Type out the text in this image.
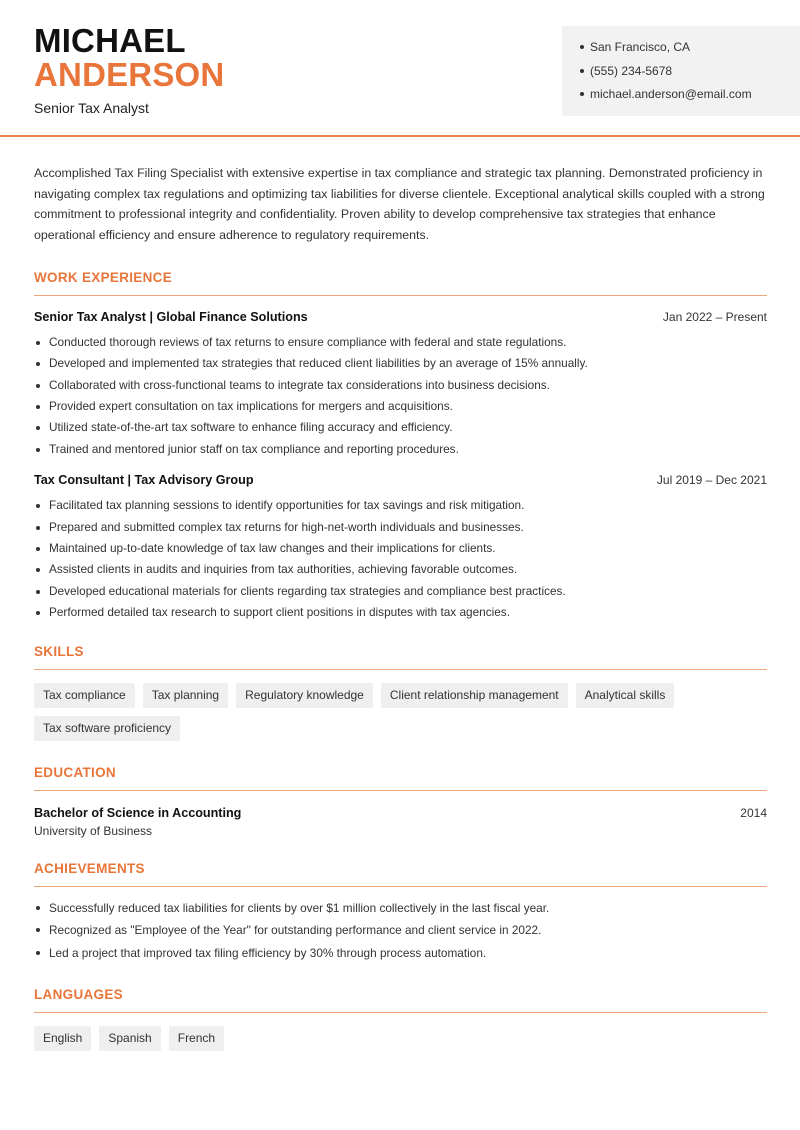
MICHAEL
ANDERSON
Senior Tax Analyst
San Francisco, CA
(555) 234-5678
michael.anderson@email.com

Accomplished Tax Filing Specialist with extensive expertise in tax compliance and strategic tax planning. Demonstrated proficiency in navigating complex tax regulations and optimizing tax liabilities for diverse clientele. Exceptional analytical skills coupled with a strong commitment to professional integrity and confidentiality. Proven ability to develop comprehensive tax strategies that enhance operational efficiency and ensure adherence to regulatory requirements.

WORK EXPERIENCE
Senior Tax Analyst | Global Finance Solutions	Jan 2022 – Present
Conducted thorough reviews of tax returns to ensure compliance with federal and state regulations.
Developed and implemented tax strategies that reduced client liabilities by an average of 15% annually.
Collaborated with cross-functional teams to integrate tax considerations into business decisions.
Provided expert consultation on tax implications for mergers and acquisitions.
Utilized state-of-the-art tax software to enhance filing accuracy and efficiency.
Trained and mentored junior staff on tax compliance and reporting procedures.
Tax Consultant | Tax Advisory Group	Jul 2019 – Dec 2021
Facilitated tax planning sessions to identify opportunities for tax savings and risk mitigation.
Prepared and submitted complex tax returns for high-net-worth individuals and businesses.
Maintained up-to-date knowledge of tax law changes and their implications for clients.
Assisted clients in audits and inquiries from tax authorities, achieving favorable outcomes.
Developed educational materials for clients regarding tax strategies and compliance best practices.
Performed detailed tax research to support client positions in disputes with tax agencies.
SKILLS
Tax compliance	Tax planning	Regulatory knowledge	Client relationship management	Analytical skills
Tax software proficiency
EDUCATION
Bachelor of Science in Accounting	2014
University of Business
ACHIEVEMENTS
Successfully reduced tax liabilities for clients by over $1 million collectively in the last fiscal year.
Recognized as "Employee of the Year" for outstanding performance and client service in 2022.
Led a project that improved tax filing efficiency by 30% through process automation.
LANGUAGES
English	Spanish	French
